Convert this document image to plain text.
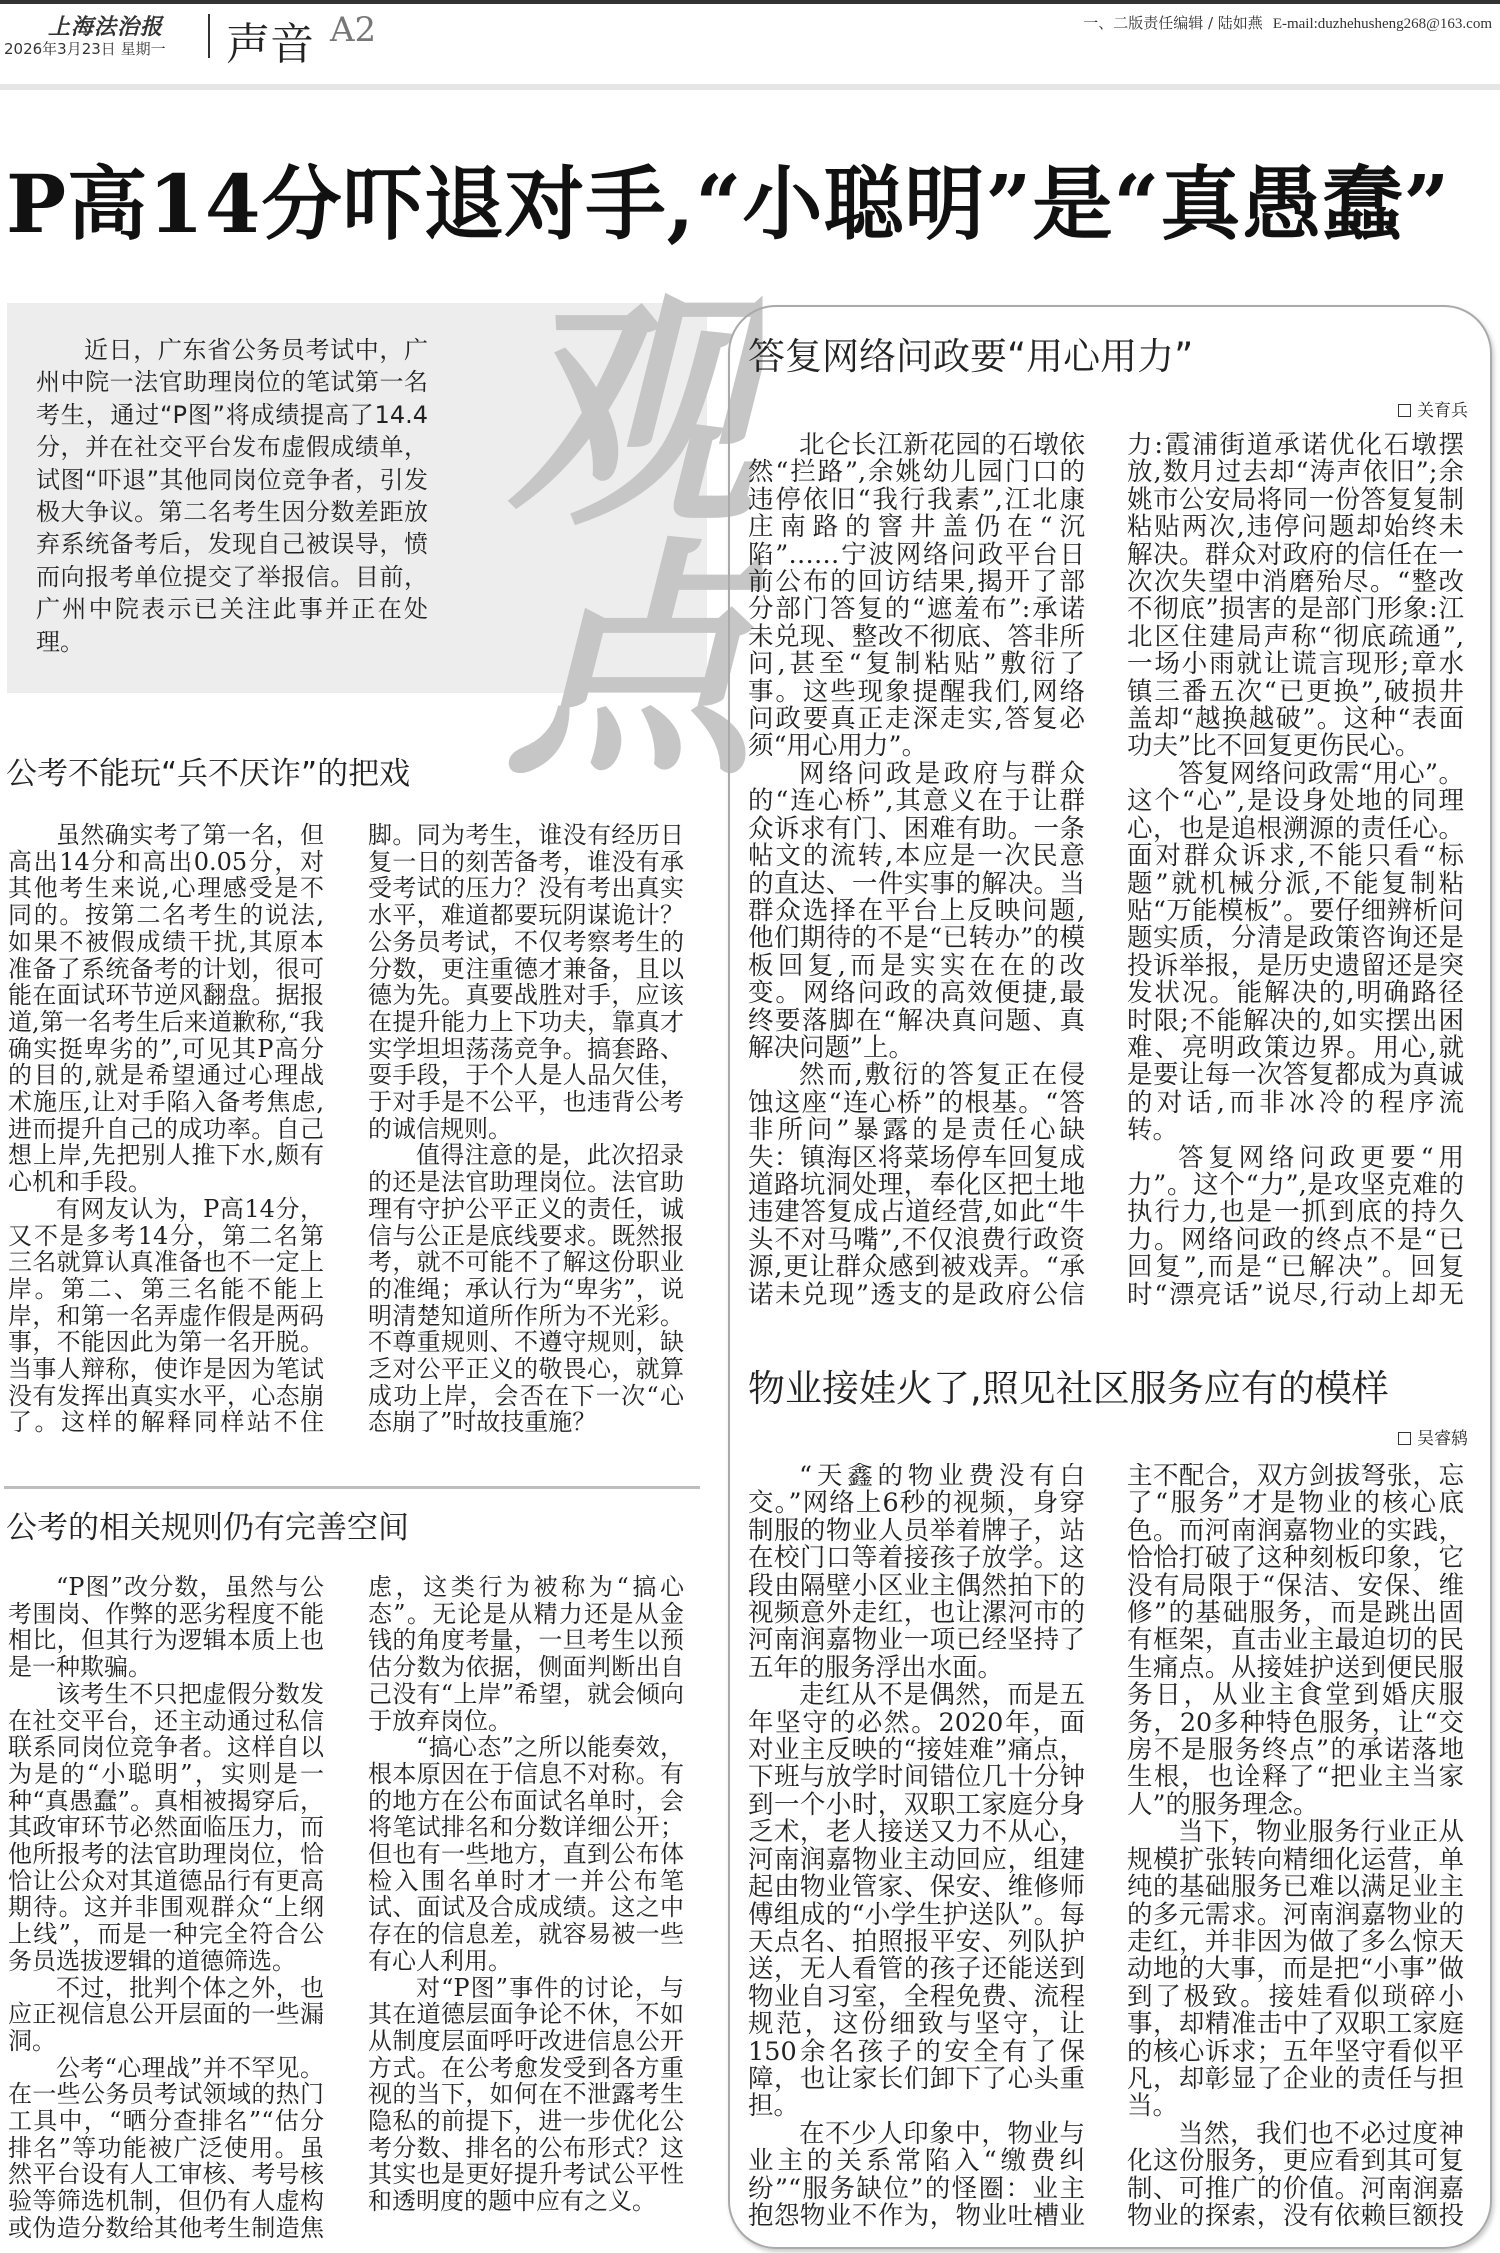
上海法治报
2026年3月23日 星期一 声音 A2	一、二版责任编辑 / 陆如燕 E-mail:duzhehusheng268@163.com
P高14分吓退对手,“小聪明”是“真愚蠢”
观点

近日，广东省公务员考试中，广州中院一法官助理岗位的笔试第一名考生，通过“P图”将成绩提高了14.4分，并在社交平台发布虚假成绩单，试图“吓退”其他同岗位竞争者，引发极大争议。第二名考生因分数差距放弃系统备考后，发现自己被误导，愤而向报考单位提交了举报信。目前，广州中院表示已关注此事并正在处理。

公考不能玩“兵不厌诈”的把戏

虽然确实考了第一名，但高出14分和高出0.05分，对其他考生来说,心理感受是不同的。按第二名考生的说法,如果不被假成绩干扰,其原本准备了系统备考的计划，很可能在面试环节逆风翻盘。据报道,第一名考生后来道歉称,“我确实挺卑劣的”,可见其P高分的目的,就是希望通过心理战术施压,让对手陷入备考焦虑,进而提升自己的成功率。自己想上岸,先把别人推下水,颇有心机和手段。

有网友认为，P高14分，又不是多考14分，第二名第三名就算认真准备也不一定上岸。第二、第三名能不能上岸，和第一名弄虚作假是两码事，不能因此为第一名开脱。当事人辩称，使诈是因为笔试没有发挥出真实水平，心态崩了。这样的解释同样站不住脚。同为考生，谁没有经历日复一日的刻苦备考，谁没有承受考试的压力？没有考出真实水平，难道都要玩阴谋诡计？公务员考试，不仅考察考生的分数，更注重德才兼备，且以德为先。真要战胜对手，应该在提升能力上下功夫，靠真才实学坦坦荡荡竞争。搞套路、耍手段，于个人是人品欠佳，于对手是不公平，也违背公考的诚信规则。

值得注意的是，此次招录的还是法官助理岗位。法官助理有守护公平正义的责任，诚信与公正是底线要求。既然报考，就不可能不了解这份职业的准绳；承认行为“卑劣”，说明清楚知道所作所为不光彩。不尊重规则、不遵守规则，缺乏对公平正义的敬畏心，就算成功上岸，会否在下一次“心态崩了”时故技重施？

公考的相关规则仍有完善空间

“P图”改分数，虽然与公考围岗、作弊的恶劣程度不能相比，但其行为逻辑本质上也是一种欺骗。

该考生不只把虚假分数发在社交平台，还主动通过私信联系同岗位竞争者。这样自以为是的“小聪明”，实则是一种“真愚蠢”。真相被揭穿后，其政审环节必然面临压力，而他所报考的法官助理岗位，恰恰让公众对其道德品行有更高期待。这并非围观群众“上纲上线”，而是一种完全符合公务员选拔逻辑的道德筛选。

不过，批判个体之外，也应正视信息公开层面的一些漏洞。

公考“心理战”并不罕见。在一些公务员考试领域的热门工具中，“晒分查排名”“估分排名”等功能被广泛使用。虽然平台设有人工审核、考号核验等筛选机制，但仍有人虚构或伪造分数给其他考生制造焦虑，这类行为被称为“搞心态”。无论是从精力还是从金钱的角度考量，一旦考生以预估分数为依据，侧面判断出自己没有“上岸”希望，就会倾向于放弃岗位。

“搞心态”之所以能奏效，根本原因在于信息不对称。有的地方在公布面试名单时，会将笔试排名和分数详细公开；但也有一些地方，直到公布体检入围名单时才一并公布笔试、面试及合成成绩。这之中存在的信息差，就容易被一些有心人利用。

对“P图”事件的讨论，与其在道德层面争论不休，不如从制度层面呼吁改进信息公开方式。在公考愈发受到各方重视的当下，如何在不泄露考生隐私的前提下，进一步优化公考分数、排名的公布形式？这其实也是更好提升考试公平性和透明度的题中应有之义。

答复网络问政要“用心用力”
关育兵

北仑长江新花园的石墩依然“拦路”,余姚幼儿园门口的违停依旧“我行我素”,江北康庄南路的窨井盖仍在“沉陷”……宁波网络问政平台日前公布的回访结果,揭开了部分部门答复的“遮羞布”:承诺未兑现、整改不彻底、答非所问,甚至“复制粘贴”敷衍了事。这些现象提醒我们,网络问政要真正走深走实,答复必须“用心用力”。

网络问政是政府与群众的“连心桥”,其意义在于让群众诉求有门、困难有助。一条帖文的流转,本应是一次民意的直达、一件实事的解决。当群众选择在平台上反映问题,他们期待的不是“已转办”的模板回复,而是实实在在的改变。网络问政的高效便捷,最终要落脚在“解决真问题、真解决问题”上。

然而,敷衍的答复正在侵蚀这座“连心桥”的根基。“答非所问”暴露的是责任心缺失：镇海区将菜场停车回复成道路坑洞处理，奉化区把土地违建答复成占道经营,如此“牛头不对马嘴”,不仅浪费行政资源,更让群众感到被戏弄。“承诺未兑现”透支的是政府公信力:霞浦街道承诺优化石墩摆放,数月过去却“涛声依旧”;余姚市公安局将同一份答复复制粘贴两次,违停问题却始终未解决。群众对政府的信任在一次次失望中消磨殆尽。“整改不彻底”损害的是部门形象:江北区住建局声称“彻底疏通”,一场小雨就让谎言现形;章水镇三番五次“已更换”,破损井盖却“越换越破”。这种“表面功夫”比不回复更伤民心。

答复网络问政需“用心”。这个“心”,是设身处地的同理心，也是追根溯源的责任心。面对群众诉求,不能只看“标题”就机械分派,不能复制粘贴“万能模板”。要仔细辨析问题实质，分清是政策咨询还是投诉举报，是历史遗留还是突发状况。能解决的,明确路径时限;不能解决的,如实摆出困难、亮明政策边界。用心,就是要让每一次答复都成为真诚的对话,而非冰冷的程序流转。

答复网络问政更要“用力”。这个“力”,是攻坚克难的执行力,也是一抓到底的持久力。网络问政的终点不是“已回复”,而是“已解决”。回复时“漂亮话”说尽,行动上却无

物业接娃火了,照见社区服务应有的模样
吴睿鸫

“天鑫的物业费没有白交。”网络上6秒的视频，身穿制服的物业人员举着牌子，站在校门口等着接孩子放学。这段由隔壁小区业主偶然拍下的视频意外走红，也让漯河市的河南润嘉物业一项已经坚持了五年的服务浮出水面。

走红从不是偶然，而是五年坚守的必然。2020年，面对业主反映的“接娃难”痛点，下班与放学时间错位几十分钟到一个小时，双职工家庭分身乏术，老人接送又力不从心，河南润嘉物业主动回应，组建起由物业管家、保安、维修师傅组成的“小学生护送队”。每天点名、拍照报平安、列队护送，无人看管的孩子还能送到物业自习室，全程免费、流程规范，这份细致与坚守，让150余名孩子的安全有了保障，也让家长们卸下了心头重担。

在不少人印象中，物业与业主的关系常陷入“缴费纠纷”“服务缺位”的怪圈：业主抱怨物业不作为，物业吐槽业主不配合，双方剑拔弩张，忘了“服务”才是物业的核心底色。而河南润嘉物业的实践，恰恰打破了这种刻板印象，它没有局限于“保洁、安保、维修”的基础服务，而是跳出固有框架，直击业主最迫切的民生痛点。从接娃护送到便民服务日，从业主食堂到婚庆服务，20多种特色服务，让“交房不是服务终点”的承诺落地生根，也诠释了“把业主当家人”的服务理念。

当下，物业服务行业正从规模扩张转向精细化运营，单纯的基础服务已难以满足业主的多元需求。河南润嘉物业的走红，并非因为做了多么惊天动地的大事，而是把“小事”做到了极致。接娃看似琐碎小事，却精准击中了双职工家庭的核心诉求；五年坚守看似平凡，却彰显了企业的责任与担当。

当然，我们也不必过度神化这份服务，更应看到其可复制、可推广的价值。河南润嘉物业的探索，没有依赖巨额投
